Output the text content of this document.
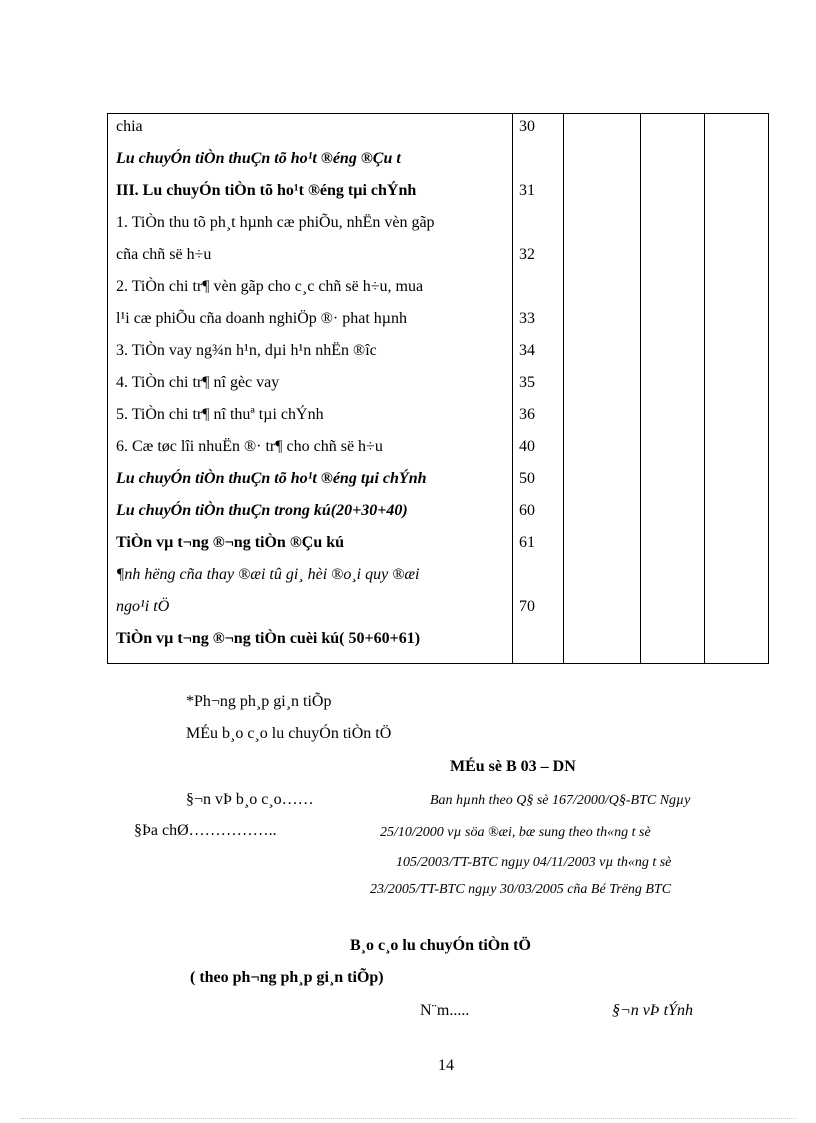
chia	30
Lu chuyÓn tiÒn thuÇn tõ ho¹t ®éng ®Çu t
III. Lu chuyÓn tiÒn tõ ho¹t ®éng tµi chÝnh	31
1. TiÒn thu tõ ph¸t hµnh cæ phiÕu, nhËn vèn gãp
cña chñ së h÷u	32
2. TiÒn chi tr¶ vèn gãp cho c¸c chñ së h÷u, mua
l¹i cæ phiÕu cña doanh nghiÖp ®· phat hµnh	33
3. TiÒn vay ng¾n h¹n, dµi h¹n nhËn ®îc	34
4. TiÒn chi tr¶ nî gèc vay	35
5. TiÒn chi tr¶ nî thuª tµi chÝnh	36
6. Cæ tøc lîi nhuËn ®· tr¶ cho chñ së h÷u	40
Lu chuyÓn tiÒn thuÇn tõ ho¹t ®éng tµi chÝnh	50
Lu chuyÓn tiÒn thuÇn trong kú(20+30+40)	60
TiÒn vµ t¬ng ®¬ng tiÒn ®Çu kú	61
¶nh hëng cña thay ®æi tû gi¸ hèi ®o¸i quy ®æi
ngo¹i tÖ	70
TiÒn vµ t¬ng ®¬ng tiÒn cuèi kú( 50+60+61)
*Ph¬ng ph¸p gi¸n tiÕp
MÉu b¸o c¸o lu chuyÓn tiÒn tÖ
MÉu sè B 03 – DN
§¬n vÞ b¸o c¸o……	Ban hµnh theo Q§ sè 167/2000/Q§-BTC Ngµy
§Þa chØ……………..	25/10/2000 vµ söa ®æi, bæ sung theo th«ng t sè
105/2003/TT-BTC ngµy 04/11/2003 vµ th«ng t sè
23/2005/TT-BTC ngµy 30/03/2005 cña Bé Trëng BTC
B¸o c¸o lu chuyÓn tiÒn tÖ
( theo ph¬ng ph¸p gi¸n tiÕp)
N¨m.....	§¬n vÞ tÝnh
14
